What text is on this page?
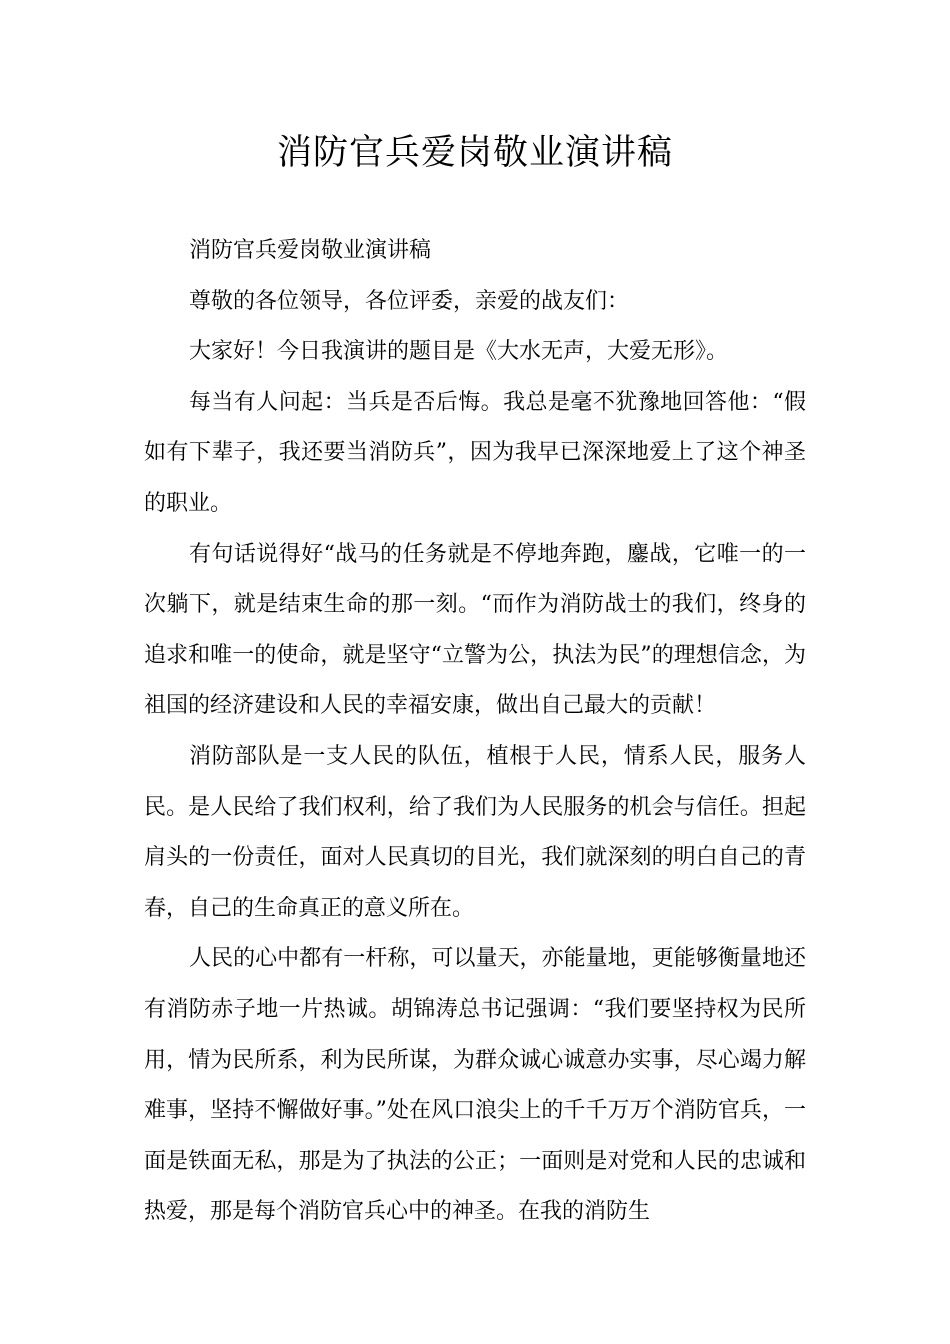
消防官兵爱岗敬业演讲稿

消防官兵爱岗敬业演讲稿

尊敬的各位领导，各位评委，亲爱的战友们：

大家好！今日我演讲的题目是《大水无声，大爱无形》。

每当有人问起：当兵是否后悔。我总是毫不犹豫地回答他：“假如有下辈子，我还要当消防兵”，因为我早已深深地爱上了这个神圣的职业。

有句话说得好“战马的任务就是不停地奔跑，鏖战，它唯一的一次躺下，就是结束生命的那一刻。“而作为消防战士的我们，终身的追求和唯一的使命，就是坚守“立警为公，执法为民”的理想信念，为祖国的经济建设和人民的幸福安康，做出自己最大的贡献！

消防部队是一支人民的队伍，植根于人民，情系人民，服务人民。是人民给了我们权利，给了我们为人民服务的机会与信任。担起肩头的一份责任，面对人民真切的目光，我们就深刻的明白自己的青春，自己的生命真正的意义所在。

人民的心中都有一杆称，可以量天，亦能量地，更能够衡量地还有消防赤子地一片热诚。胡锦涛总书记强调：“我们要坚持权为民所用，情为民所系，利为民所谋，为群众诚心诚意办实事，尽心竭力解难事，坚持不懈做好事。”处在风口浪尖上的千千万万个消防官兵，一面是铁面无私，那是为了执法的公正；一面则是对党和人民的忠诚和热爱，那是每个消防官兵心中的神圣。在我的消防生
